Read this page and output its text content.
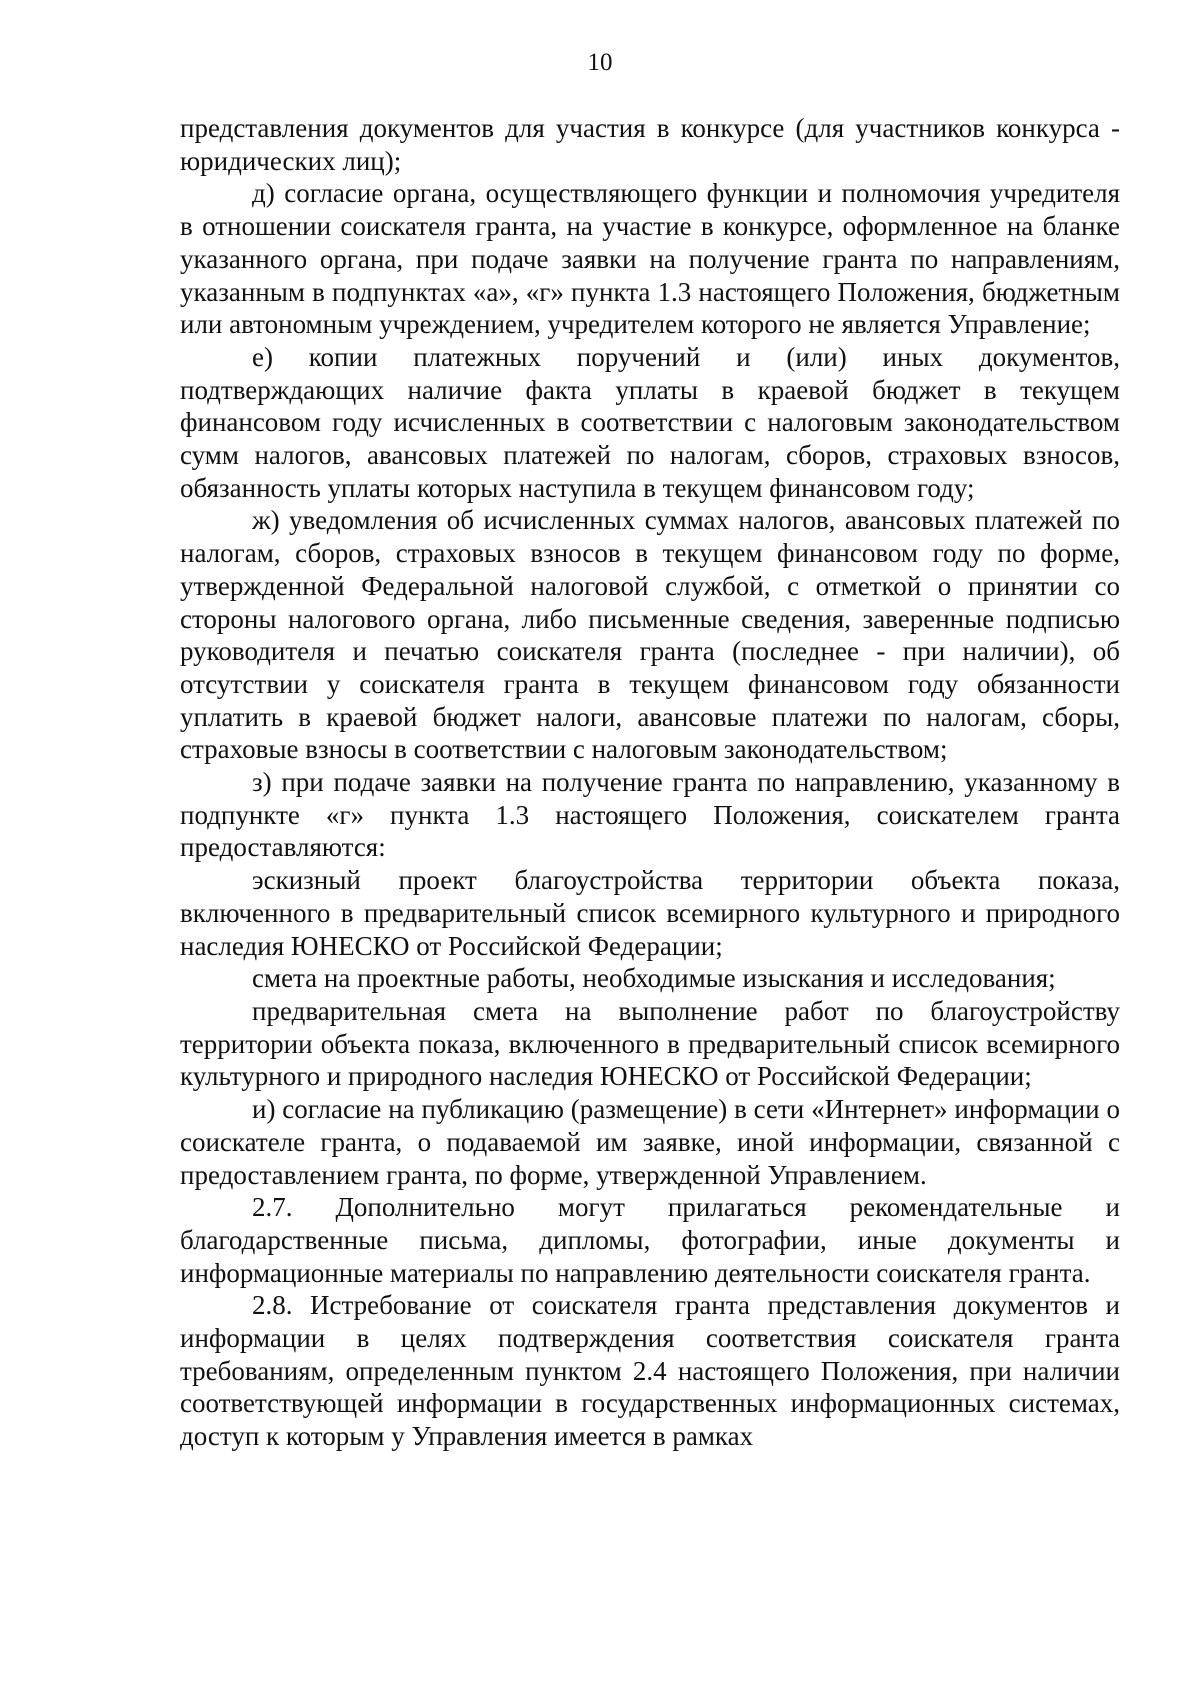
10

представления документов для участия в конкурсе (для участников конкурса - юридических лиц);

д) согласие органа, осуществляющего функции и полномочия учредителя в отношении соискателя гранта, на участие в конкурсе, оформленное на бланке указанного органа, при подаче заявки на получение гранта по направлениям, указанным в подпунктах «а», «г» пункта 1.3 настоящего Положения, бюджетным или автономным учреждением, учредителем которого не является Управление;

е) копии платежных поручений и (или) иных документов, подтверждающих наличие факта уплаты в краевой бюджет в текущем финансовом году исчисленных в соответствии с налоговым законодательством сумм налогов, авансовых платежей по налогам, сборов, страховых взносов, обязанность уплаты которых наступила в текущем финансовом году;

ж) уведомления об исчисленных суммах налогов, авансовых платежей по налогам, сборов, страховых взносов в текущем финансовом году по форме, утвержденной Федеральной налоговой службой, с отметкой о принятии со стороны налогового органа, либо письменные сведения, заверенные подписью руководителя и печатью соискателя гранта (последнее - при наличии), об отсутствии у соискателя гранта в текущем финансовом году обязанности уплатить в краевой бюджет налоги, авансовые платежи по налогам, сборы, страховые взносы в соответствии с налоговым законодательством;

з) при подаче заявки на получение гранта по направлению, указанному в подпункте «г» пункта 1.3 настоящего Положения, соискателем гранта предоставляются:

эскизный проект благоустройства территории объекта показа, включенного в предварительный список всемирного культурного и природного наследия ЮНЕСКО от Российской Федерации;

смета на проектные работы, необходимые изыскания и исследования;

предварительная смета на выполнение работ по благоустройству территории объекта показа, включенного в предварительный список всемирного культурного и природного наследия ЮНЕСКО от Российской Федерации;

и) согласие на публикацию (размещение) в сети «Интернет» информации о соискателе гранта, о подаваемой им заявке, иной информации, связанной с предоставлением гранта, по форме, утвержденной Управлением.

2.7. Дополнительно могут прилагаться рекомендательные и благодарственные письма, дипломы, фотографии, иные документы и информационные материалы по направлению деятельности соискателя гранта.

2.8. Истребование от соискателя гранта представления документов и информации в целях подтверждения соответствия соискателя гранта требованиям, определенным пунктом 2.4 настоящего Положения, при наличии соответствующей информации в государственных информационных системах, доступ к которым у Управления имеется в рамках
